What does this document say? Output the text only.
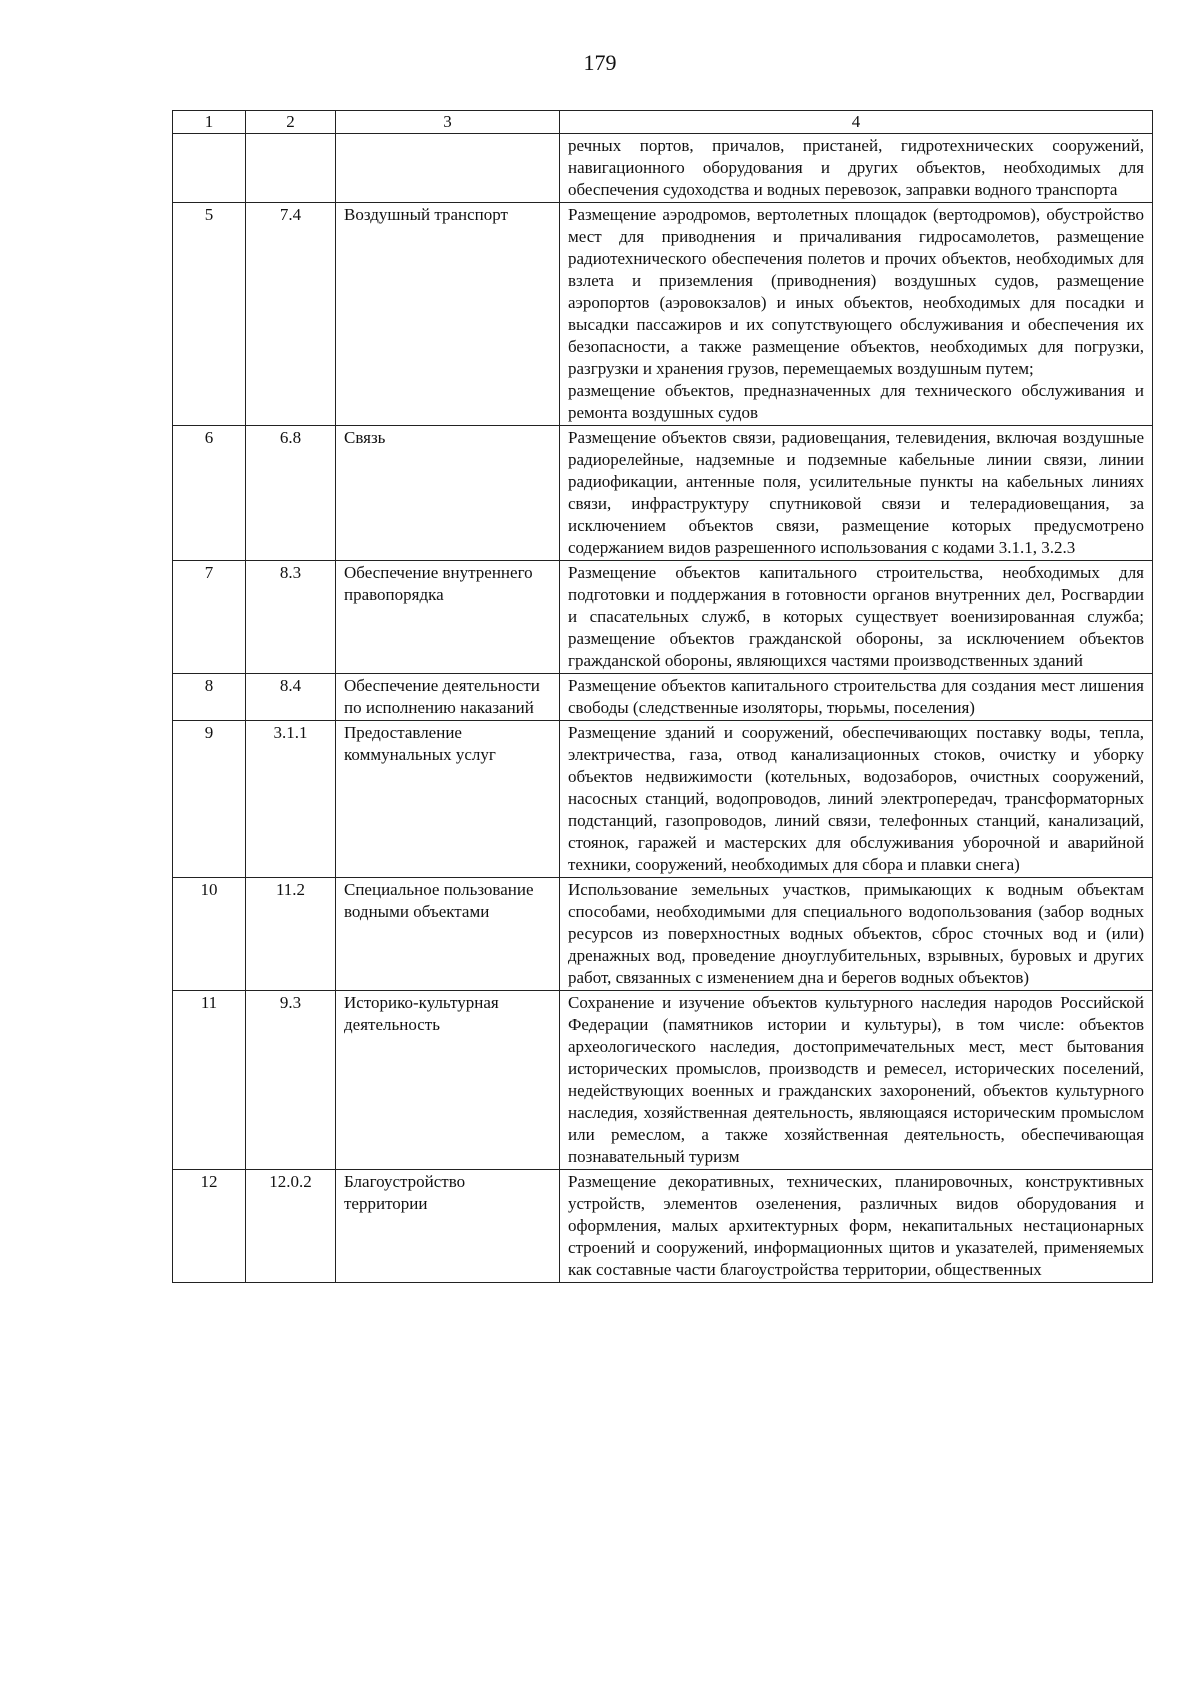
179
1	2	3	4
			речных портов, причалов, пристаней, гидротехнических сооружений, навигационного оборудования и других объектов, необходимых для обеспечения судоходства и водных перевозок, заправки водного транспорта
5	7.4	Воздушный транспорт	Размещение аэродромов, вертолетных площадок (вертодромов), обустройство мест для приводнения и причаливания гидросамолетов, размещение радиотехнического обеспечения полетов и прочих объектов, необходимых для взлета и приземления (приводнения) воздушных судов, размещение аэропортов (аэровокзалов) и иных объектов, необходимых для посадки и высадки пассажиров и их сопутствующего обслуживания и обеспечения их безопасности, а также размещение объектов, необходимых для погрузки, разгрузки и хранения грузов, перемещаемых воздушным путем;
размещение объектов, предназначенных для технического обслуживания и ремонта воздушных судов

6	6.8	Связь	Размещение объектов связи, радиовещания, телевидения, включая воздушные радиорелейные, надземные и подземные кабельные линии связи, линии радиофикации, антенные поля, усилительные пункты на кабельных линиях связи, инфраструктуру спутниковой связи и телерадиовещания, за исключением объектов связи, размещение которых предусмотрено содержанием видов разрешенного использования с кодами 3.1.1, 3.2.3
7	8.3	Обеспечение внутреннего правопорядка	Размещение объектов капитального строительства, необходимых для подготовки и поддержания в готовности органов внутренних дел, Росгвардии и спасательных служб, в которых существует военизированная служба; размещение объектов гражданской обороны, за исключением объектов гражданской обороны, являющихся частями производственных зданий
8	8.4	Обеспечение деятельности по исполнению наказаний	Размещение объектов капитального строительства для создания мест лишения свободы (следственные изоляторы, тюрьмы, поселения)
9	3.1.1	Предоставление коммунальных услуг	Размещение зданий и сооружений, обеспечивающих поставку воды, тепла, электричества, газа, отвод канализационных стоков, очистку и уборку объектов недвижимости (котельных, водозаборов, очистных сооружений, насосных станций, водопроводов, линий электропередач, трансформаторных подстанций, газопроводов, линий связи, телефонных станций, канализаций, стоянок, гаражей и мастерских для обслуживания уборочной и аварийной техники, сооружений, необходимых для сбора и плавки снега)
10	11.2	Специальное пользование водными объектами	Использование земельных участков, примыкающих к водным объектам способами, необходимыми для специального водопользования (забор водных ресурсов из поверхностных водных объектов, сброс сточных вод и (или) дренажных вод, проведение дноуглубительных, взрывных, буровых и других работ, связанных с изменением дна и берегов водных объектов)
11	9.3	Историко-культурная деятельность	Сохранение и изучение объектов культурного наследия народов Российской Федерации (памятников истории и культуры), в том числе: объектов археологического наследия, достопримечательных мест, мест бытования исторических промыслов, производств и ремесел, исторических поселений, недействующих военных и гражданских захоронений, объектов культурного наследия, хозяйственная деятельность, являющаяся историческим промыслом или ремеслом, а также хозяйственная деятельность, обеспечивающая познавательный туризм
12	12.0.2	Благоустройство территории	Размещение декоративных, технических, планировочных, конструктивных устройств, элементов озеленения, различных видов оборудования и оформления, малых архитектурных форм, некапитальных нестационарных строений и сооружений, информационных щитов и указателей, применяемых как составные части благоустройства территории, общественных
